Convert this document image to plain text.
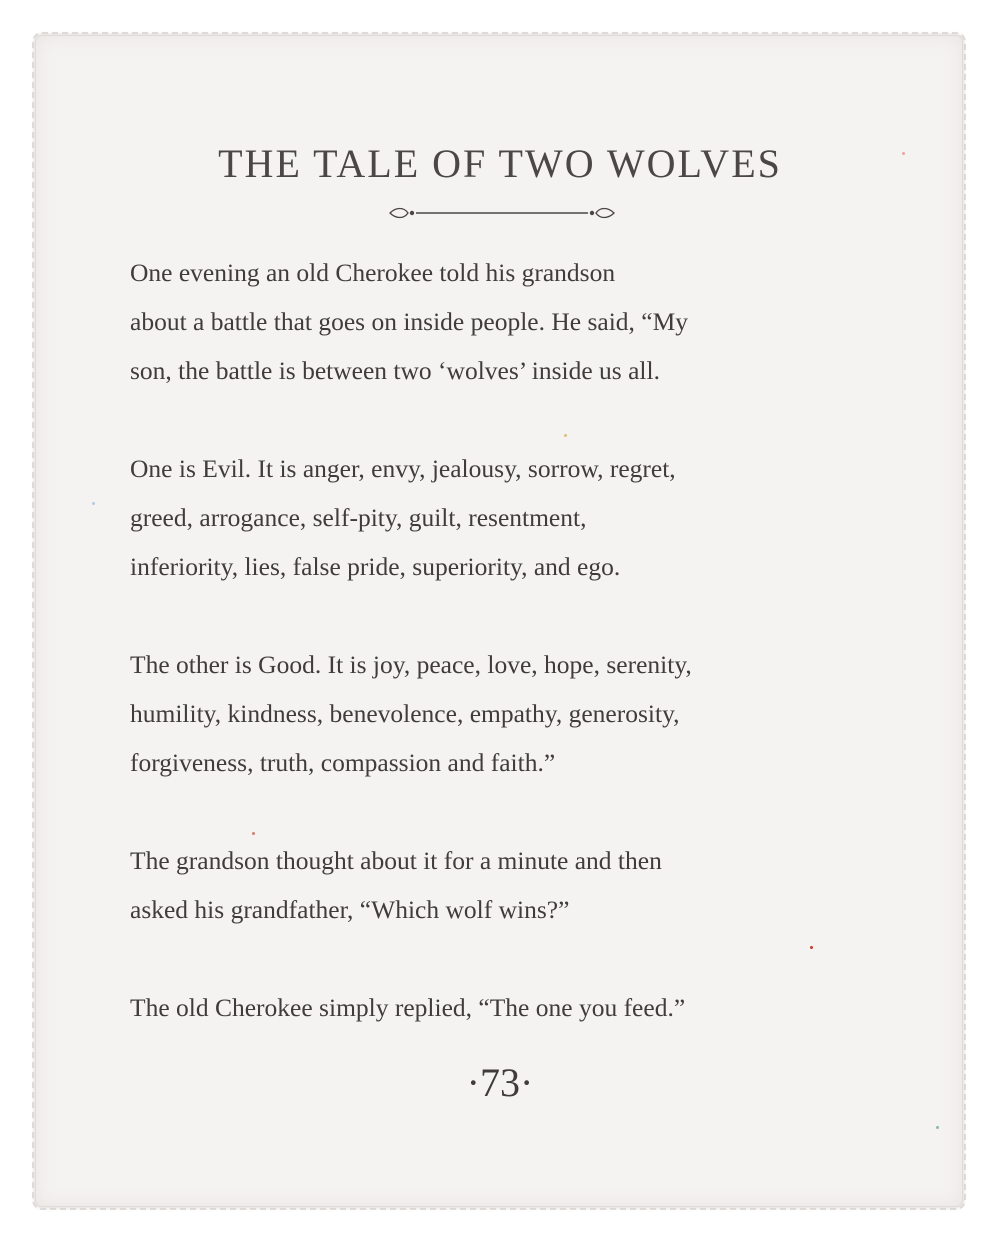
THE TALE OF TWO WOLVES

One evening an old Cherokee told his grandson
about a battle that goes on inside people. He said, “My
son, the battle is between two ‘wolves’ inside us all.

One is Evil. It is anger, envy, jealousy, sorrow, regret,
greed, arrogance, self-pity, guilt, resentment,
inferiority, lies, false pride, superiority, and ego.

The other is Good. It is joy, peace, love, hope, serenity,
humility, kindness, benevolence, empathy, generosity,
forgiveness, truth, compassion and faith.”

The grandson thought about it for a minute and then
asked his grandfather, “Which wolf wins?”

The old Cherokee simply replied, “The one you feed.”

·73·
